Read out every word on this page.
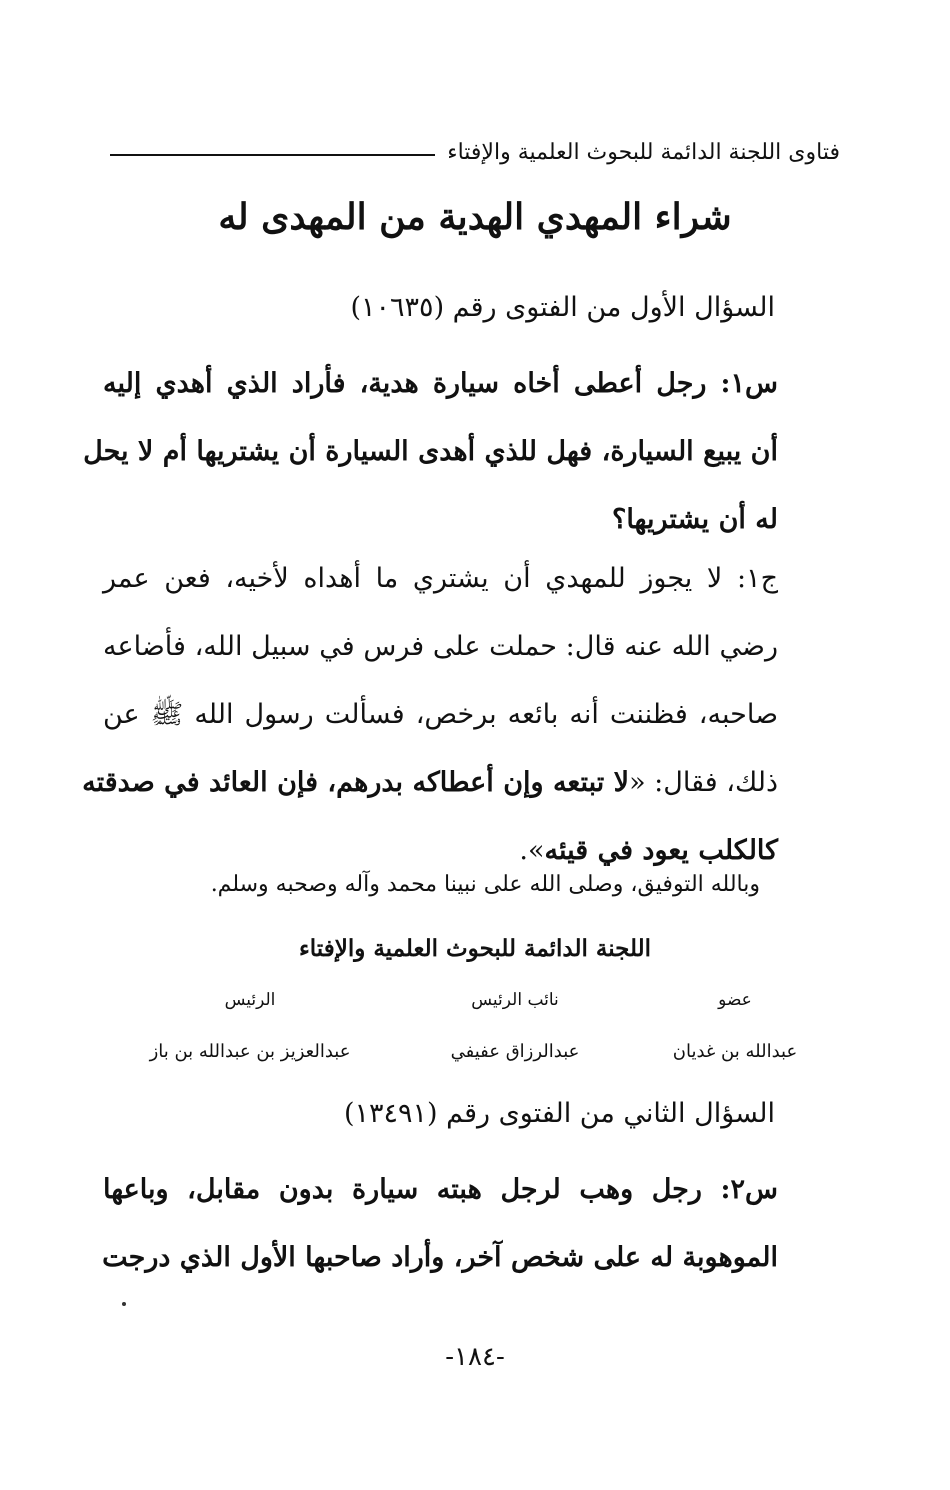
فتاوى اللجنة الدائمة للبحوث العلمية والإفتاء
شراء المهدي الهدية من المهدى له
السؤال الأول من الفتوى رقم (١٠٦٣٥)
س١: رجل أعطى أخاه سيارة هدية، فأراد الذي أهدي إليه
أن يبيع السيارة، فهل للذي أهدى السيارة أن يشتريها أم لا يحل
له أن يشتريها؟
ج١: لا يجوز للمهدي أن يشتري ما أهداه لأخيه، فعن عمر
رضي الله عنه قال: حملت على فرس في سبيل الله، فأضاعه
صاحبه، فظننت أنه بائعه برخص، فسألت رسول الله ﷺ عن
ذلك، فقال: «لا تبتعه وإن أعطاكه بدرهم، فإن العائد في صدقته
كالكلب يعود في قيئه».
وبالله التوفيق، وصلى الله على نبينا محمد وآله وصحبه وسلم.
اللجنة الدائمة للبحوث العلمية والإفتاء
عضو
عبدالله بن غديان
نائب الرئيس
عبدالرزاق عفيفي
الرئيس
عبدالعزيز بن عبدالله بن باز
السؤال الثاني من الفتوى رقم (١٣٤٩١)
س٢: رجل وهب لرجل هبته سيارة بدون مقابل، وباعها
الموهوبة له على شخص آخر، وأراد صاحبها الأول الذي درجت
-١٨٤-
